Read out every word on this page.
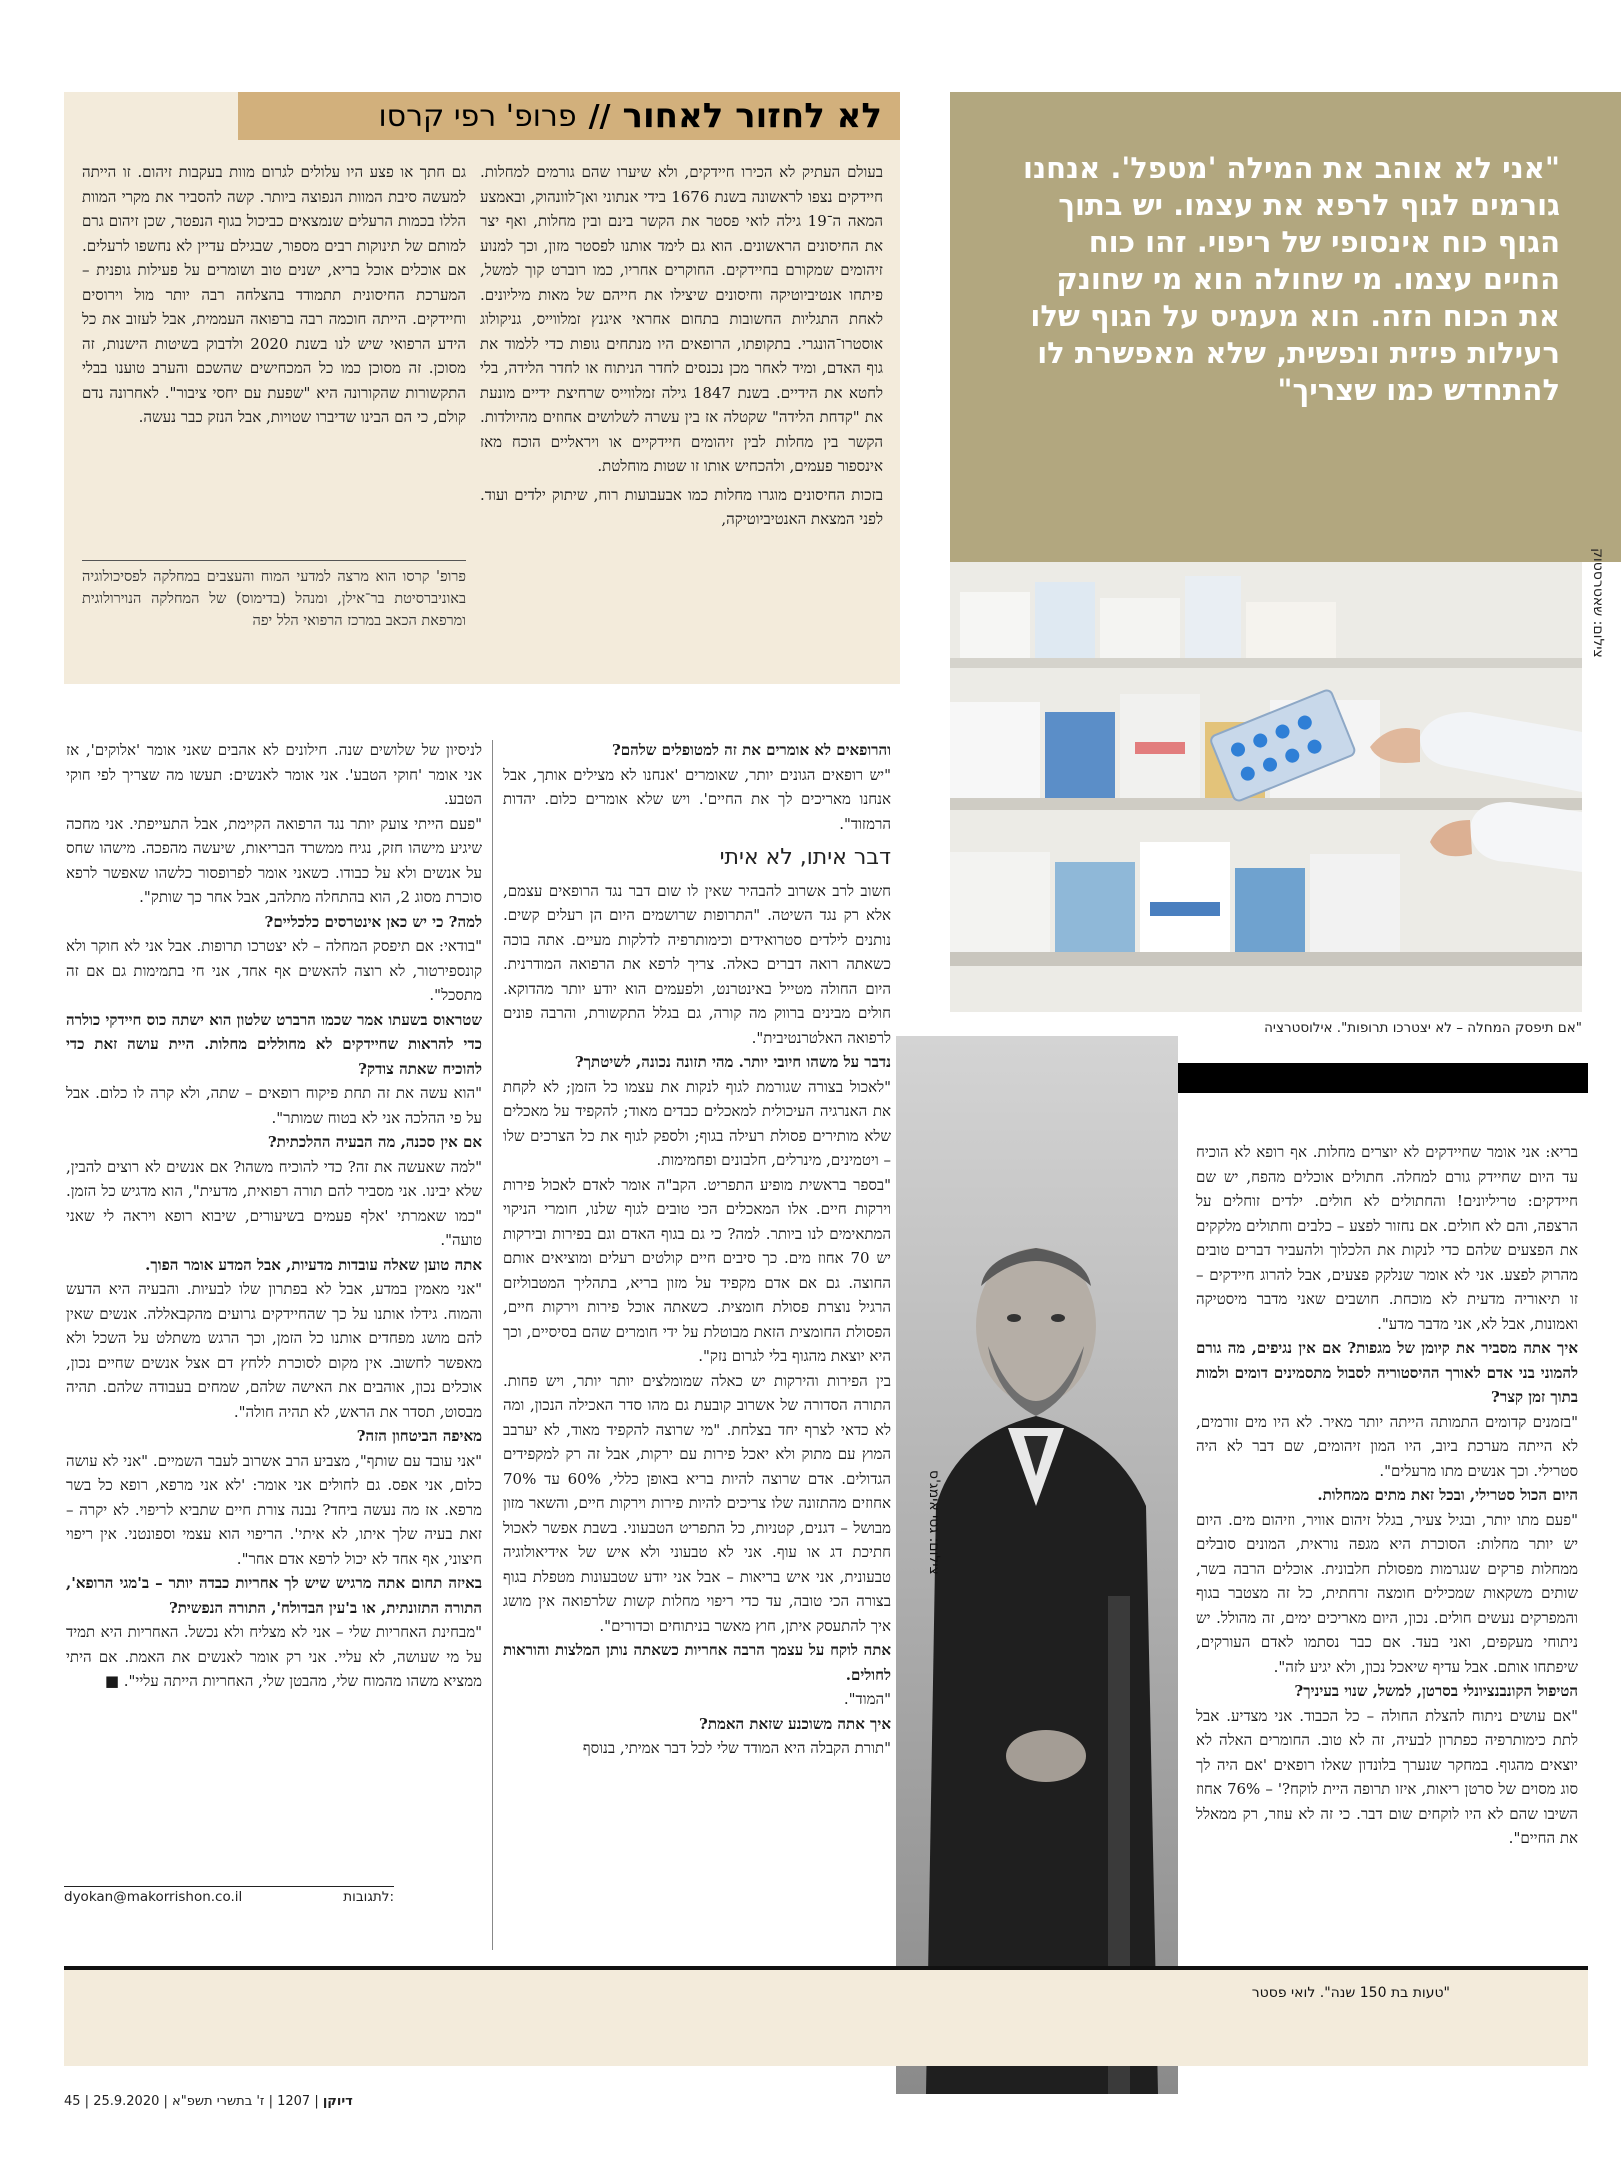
לא לחזור לאחור
//
פרופ' רפי קרסו

בעולם העתיק לא הכירו חיידקים, ולא שיערו שהם גורמים למחלות. חיידקים נצפו לראשונה בשנת 1676 בידי אנתוני ואן־לוונהוק, ובאמצע המאה ה־19 גילה לואי פסטר את הקשר בינם ובין מחלות, ואף יצר את החיסונים הראשונים. הוא גם לימד אותנו לפסטר מזון, וכך למנוע זיהומים שמקורם בחיידקים. החוקרים אחריו, כמו רוברט קוך למשל, פיתחו אנטיביוטיקה וחיסונים שיצילו את חייהם של מאות מיליונים. לאחת התגליות החשובות בתחום אחראי איגנץ זמלווייס, גניקולוג אוסטרו־הונגרי. בתקופתו, הרופאים היו מנתחים גופות כדי ללמוד את גוף האדם, ומיד לאחר מכן נכנסים לחדר הניתוח או לחדר הלידה, בלי לחטא את הידיים. בשנת 1847 גילה זמלווייס שרחיצת ידיים מונעת את "קדחת הלידה" שקטלה אז בין עשרה לשלושים אחוזים מהיולדות. הקשר בין מחלות לבין זיהומים חיידקיים או ויראליים הוכח מאז אינספור פעמים, ולהכחיש אותו זו שטות מוחלטת.

בזכות החיסונים מוגרו מחלות כמו אבעבועות רוח, שיתוק ילדים ועוד. לפני המצאת האנטיביוטיקה,

גם חתך או פצע היו עלולים לגרום מוות בעקבות זיהום. זו הייתה למעשה סיבת המוות הנפוצה ביותר. קשה להסביר את מקרי המוות הללו בכמות הרעלים שנמצאים כביכול בגוף הנפטר, שכן זיהום גרם למותם של תינוקות רבים מספור, שבגילם עדיין לא נחשפו לרעלים. אם אוכלים אוכל בריא, ישנים טוב ושומרים על פעילות גופנית – המערכת החיסונית תתמודד בהצלחה רבה יותר מול וירוסים וחיידקים. הייתה חוכמה רבה ברפואה העממית, אבל לעזוב את כל הידע הרפואי שיש לנו בשנת 2020 ולדבוק בשיטות הישנות, זה מסוכן. זה מסוכן כמו כל המכחישים שהשכם והערב טוענו בבלי התקשורות שהקורונה היא "שפעת עם יחסי ציבור". לאחרונה נדם קולם, כי הם הבינו שדיברו שטויות, אבל הנזק כבר נעשה.

פרופ' קרסו הוא מרצה למדעי המוח והעצבים במחלקה לפסיכולוגיה באוניברסיטת בר־אילן, ומנהל (בדימוס) של המחלקה הנוירולוגית ומרפאת הכאב במרכז הרפואי הלל יפה
"אני לא אוהב את המילה 'מטפל'. אנחנו גורמים לגוף לרפא את עצמו. יש בתוך הגוף כוח אינסופי של ריפוי. זהו כוח החיים עצמו. מי שחולה הוא מי שחונק את הכוח הזה. הוא מעמיס על הגוף שלו רעילות פיזית ונפשית, שלא מאפשרת לו להתחדש כמו שצריך"
צילום: שאטרסטוק
"אם תיפסק המחלה – לא יצטרכו תרופות". אילוסטרציה

בריא: אני אומר שחיידקים לא יוצרים מחלות. אף רופא לא הוכיח עד היום שחיידק גורם למחלה. חתולים אוכלים מהפח, יש שם חיידקים: טריליונים! והחתולים לא חולים. ילדים זוחלים על הרצפה, והם לא חולים. אם נחזור לפצע – כלבים וחתולים מלקקים את הפצעים שלהם כדי לנקות את הלכלוך ולהעביר דברים טובים מהרוק לפצע. אני לא אומר שנלקק פצעים, אבל להרוג חיידקים – זו תיאוריה מדעית לא מוכחת. חושבים שאני מדבר מיסטיקה ואמונות, אבל לא, אני מדבר מדע".

איך אתה מסביר את קיומן של מגפות? אם אין נגיפים, מה גורם להמוני בני אדם לאורך ההיסטוריה לסבול מתסמינים דומים ולמות בתוך זמן קצר?

"בזמנים קדומים התמותה הייתה יותר מאיר. לא היו מים זורמים, לא הייתה מערכת ביוב, היו המון זיהומים, שם דבר לא היה סטרילי. וכך אנשים מתו מרעלים".

היום הכול סטרילי, ובכל זאת מתים ממחלות.

"פעם מתו יותר, ובגיל צעיר, בגלל זיהום אוויר, וזיהום מים. היום יש יותר מחלות: הסוכרת היא מגפה נוראית, המונים סובלים ממחלות פרקים שנגרמות מפסולת חלבונית. אוכלים הרבה בשר, שותים משקאות שמכילים חומצה זרחתית, כל זה מצטבר בגוף והמפרקים נעשים חולים. נכון, היום מאריכים ימים, זה מהולל. יש ניתוחי מעקפים, ואני בעד. אם כבר נסתמו לאדם העורקים, שיפתחו אותם. אבל עדיף שיאכל נכון, ולא יגיע לזה".

הטיפול הקונבנציונלי בסרטן, למשל, שנוי בעיניך?

"אם עושים ניתוח להצלת החולה – כל הכבוד. אני מצדיע. אבל לתת כימותרפיה כפתרון לבעיה, זה לא טוב. החומרים האלה לא יוצאים מהגוף. במחקר שנערך בלונדון שאלו רופאים 'אם היה לך סוג מסוים של סרטן ריאות, איזו תרופה היית לוקח?' – 76% אחוז השיבו שהם לא היו לוקחים שום דבר. כי זה לא עוזר, רק ממאלל את החיים".

והרופאים לא אומרים את זה למטופלים שלהם?

"יש רופאים הגונים יותר, שאומרים 'אנחנו לא מצילים אותך, אבל אנחנו מאריכים לך את החיים'. ויש שלא אומרים כלום. יהדות הרמזוד".

דבר איתו, לא איתי

חשוב לרב אשרוב להבהיר שאין לו שום דבר נגד הרופאים עצמם, אלא רק נגד השיטה. "התרופות שרושמים היום הן רעלים קשים. נותנים לילדים סטרואידים וכימותרפיה לדלקות מעיים. אתה בוכה כשאתה רואה דברים כאלה. צריך לרפא את הרפואה המודרנית. היום החולה מטייל באינטרנט, ולפעמים הוא יודע יותר מהדוקא. חולים מבינים ברווק מה קורה, גם בגלל התקשורת, והרבה פונים לרפואה האלטרנטיבית".

נדבר על משהו חיובי יותר. מהי תזונה נכונה, לשיטתך?

"לאכול בצורה שגורמת לגוף לנקות את עצמו כל הזמן; לא לקחת את האנרגיה העיכולית למאכלים כבדים מאוד; להקפיד על מאכלים שלא מותירים פסולת רעילה בגוף; ולספק לגוף את כל הצרכים שלו – ויטמינים, מינרלים, חלבונים ופחמימות.

"בספר בראשית מופיע התפריט. הקב"ה אומר לאדם לאכול פירות וירקות חיים. אלו המאכלים הכי טובים לגוף שלנו, חומרי הניקוי המתאימים לנו ביותר. למה? כי גם בגוף האדם וגם בפירות ובירקות יש 70 אחוז מים. כך סיבים חיים קולטים רעלים ומוציאים אותם החוצה. גם אם אדם מקפיד על מזון בריא, בתהליך המטבוליזם הרגיל נוצרת פסולת חומצית. כשאתה אוכל פירות וירקות חיים, הפסולת החומצית הזאת מבוטלת על ידי חומרים שהם בסיסיים, וכך היא יוצאת מהגוף בלי לגרום נזק".

בין הפירות והירקות יש כאלה שמומלצים יותר יותר, ויש פחות. התורה הסדורה של אשרוב קובעת גם מהו סדר האכילה הנכון, ומה לא כדאי לצרף יחד בצלחת. "מי שרוצה להקפיד מאוד, לא יערבב המוץ עם מתוק ולא יאכל פירות עם ירקות, אבל זה רק למקפידים הגדולים. אדם שרוצה להיות בריא באופן כללי, 60% עד 70% אחוזים מהתזונה שלו צריכים להיות פירות וירקות חיים, והשאר מזון מבושל – דגנים, קטניות, כל התפריט הטבעוני. בשבת אפשר לאכול חתיכת דג או עוף. אני לא טבעוני ולא איש של אידיאולוגיה טבעונית, אני איש בריאות – אבל אני יודע שטבעונות מטפלת בגוף בצורה הכי טובה, עד כדי ריפוי מחלות קשות שלרפואה אין מושג איך להתעסק איתן, חוץ מאשר בניתוחים וכדורים".

אתה לוקח על עצמך הרבה אחריות כשאתה נותן המלצות והוראות לחולים.

"המוד".

איך אתה משוכנע שזאת האמת?

"תורת הקבלה היא המודד שלי לכל דבר אמיתי, בנוסף

לניסיון של שלושים שנה. חילונים לא אהבים שאני אומר 'אלוקים', אז אני אומר 'חוקי הטבע'. אני אומר לאנשים: תעשו מה שצריך לפי חוקי הטבע.

"פעם הייתי צועק יותר נגד הרפואה הקיימת, אבל התעייפתי. אני מחכה שיגיע מישהו חזק, נגיח ממשרד הבריאות, שיעשה מהפכה. מישהו שחס על אנשים ולא על כבודו. כשאני אומר לפרופסור כלשהו שאפשר לרפא סוכרת מסוג 2, הוא בהתחלה מתלהב, אבל אחר כך שותק".

למה? כי יש כאן אינטרסים כלכליים?

"בודאי: אם תיפסק המחלה – לא יצטרכו תרופות. אבל אני לא חוקר ולא קונספירטור, לא רוצה להאשים אף אחד, אני חי בתמימות גם אם זה מתסכל".

שטראוס בשעתו אמר שכמו הרברט שלטון הוא ישתה כוס חיידקי כולרה כדי להראות שחיידקים לא מחוללים מחלות. היית עושה זאת כדי להוכיח שאתה צודק?

"הוא עשה את זה תחת פיקוח רופאים – שתה, ולא קרה לו כלום. אבל על פי ההלכה אני לא בטוח שמותר".

אם אין סכנה, מה הבעיה ההלכתית?

"למה שאעשה את זה? כדי להוכיח משהו? אם אנשים לא רוצים להבין, שלא יבינו. אני מסביר להם תורה רפואית, מדעית", הוא מדגיש כל הזמן. "כמו שאמרתי 'אלף פעמים בשיעורים, שיבוא רופא ויראה לי שאני טועה".

אתה טוען שאלה עובדות מדעיות, אבל המדע אומר הפוך.

"אני מאמין במדע, אבל לא בפתרון שלו לבעיות. והבעיה היא הדעש והמוח. גידלו אותנו על כך שהחיידקים גרועים מהקבאללה. אנשים שאין להם מושג מפחדים אותנו כל הזמן, וכך הרגש משתלט על השכל ולא מאפשר לחשוב. אין מקום לסוכרת ללחץ דם אצל אנשים שחיים נכון, אוכלים נכון, אוהבים את האישה שלהם, שמחים בעבודה שלהם. תהיה מבסוט, תסדר את הראש, לא תהיה חולה".

מאיפה הביטחון הזה?

"אני עובד עם שותף", מצביע הרב אשרוב לעבר השמיים. "אני לא עושה כלום, אני אפס. גם לחולים אני אומר: 'לא אני מרפא, רופא כל בשר מרפא. אז מה נעשה ביחד? נבנה צורת חיים שתביא לריפוי. לא יקרה – זאת בעיה שלך איתו, לא איתי'. הריפוי הוא עצמי וספונטני. אין ריפוי חיצוני, אף אחד לא יכול לרפא אדם אחר".

באיזה תחום אתה מרגיש שיש לך אחריות כבדה יותר – ב'מגי הרופא', התורה התזונתית, או ב'עין הבדולח', התורה הנפשית?

"מבחינת האחריות שלי – אני לא מצליח ולא נכשל. האחריות היא תמיד על מי שעושה, לא עליי. אני רק אומר לאנשים את האמת. אם היתי ממציא משהו מהמוח שלי, מהבטן שלי, האחריות הייתה עליי". ■

צילום: גטי אימג'ס
dyokan@makorrishon.co.il	לתגובות:
"טעות בת 150 שנה". לואי פסטר
דיוקן | 1207 | ז' בתשרי תשפ"א | 25.9.2020 | 45
